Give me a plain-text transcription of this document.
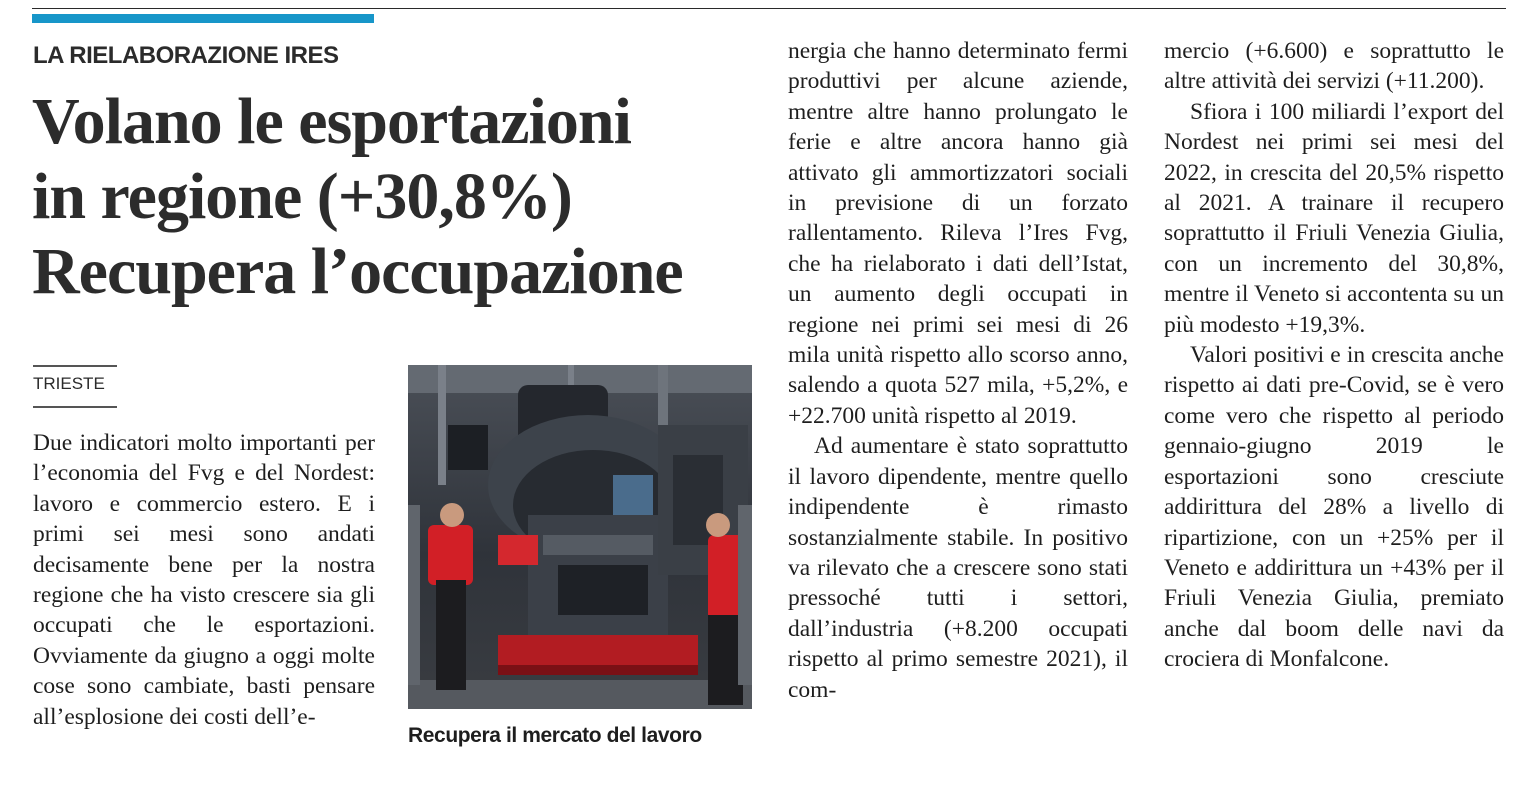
LA RIELABORAZIONE IRES
Volano le esportazioni
in regione (+30,8%)
Recupera l’occupazione
TRIESTE

Due indicatori molto importanti per l’economia del Fvg e del Nordest: lavoro e commercio estero. E i primi sei mesi sono andati decisamente bene per la nostra regione che ha visto crescere sia gli occupati che le esportazioni. Ovviamente da giugno a oggi molte cose sono cambiate, basti pensare all’esplosione dei costi dell’e-

Recupera il mercato del lavoro

nergia che hanno determinato fermi produttivi per alcune aziende, mentre altre hanno prolungato le ferie e altre ancora hanno già attivato gli ammortizzatori sociali in previsione di un forzato rallentamento. Rileva l’Ires Fvg, che ha rielaborato i dati dell’Istat, un aumento degli occupati in regione nei primi sei mesi di 26 mila unità rispetto allo scorso anno, salendo a quota 527 mila, +5,2%, e +22.700 unità rispetto al 2019.

Ad aumentare è stato soprattutto il lavoro dipendente, mentre quello indipendente è rimasto sostanzialmente stabile. In positivo va rilevato che a crescere sono stati pressoché tutti i settori, dall’industria (+8.200 occupati rispetto al primo semestre 2021), il com-

mercio (+6.600) e soprattutto le altre attività dei servizi (+11.200).

Sfiora i 100 miliardi l’export del Nordest nei primi sei mesi del 2022, in crescita del 20,5% rispetto al 2021. A trainare il recupero soprattutto il Friuli Venezia Giulia, con un incremento del 30,8%, mentre il Veneto si accontenta su un più modesto +19,3%.

Valori positivi e in crescita anche rispetto ai dati pre-Covid, se è vero come vero che rispetto al periodo gennaio-giugno 2019 le esportazioni sono cresciute addirittura del 28% a livello di ripartizione, con un +25% per il Veneto e addirittura un +43% per il Friuli Venezia Giulia, premiato anche dal boom delle navi da crociera di Monfalcone.
